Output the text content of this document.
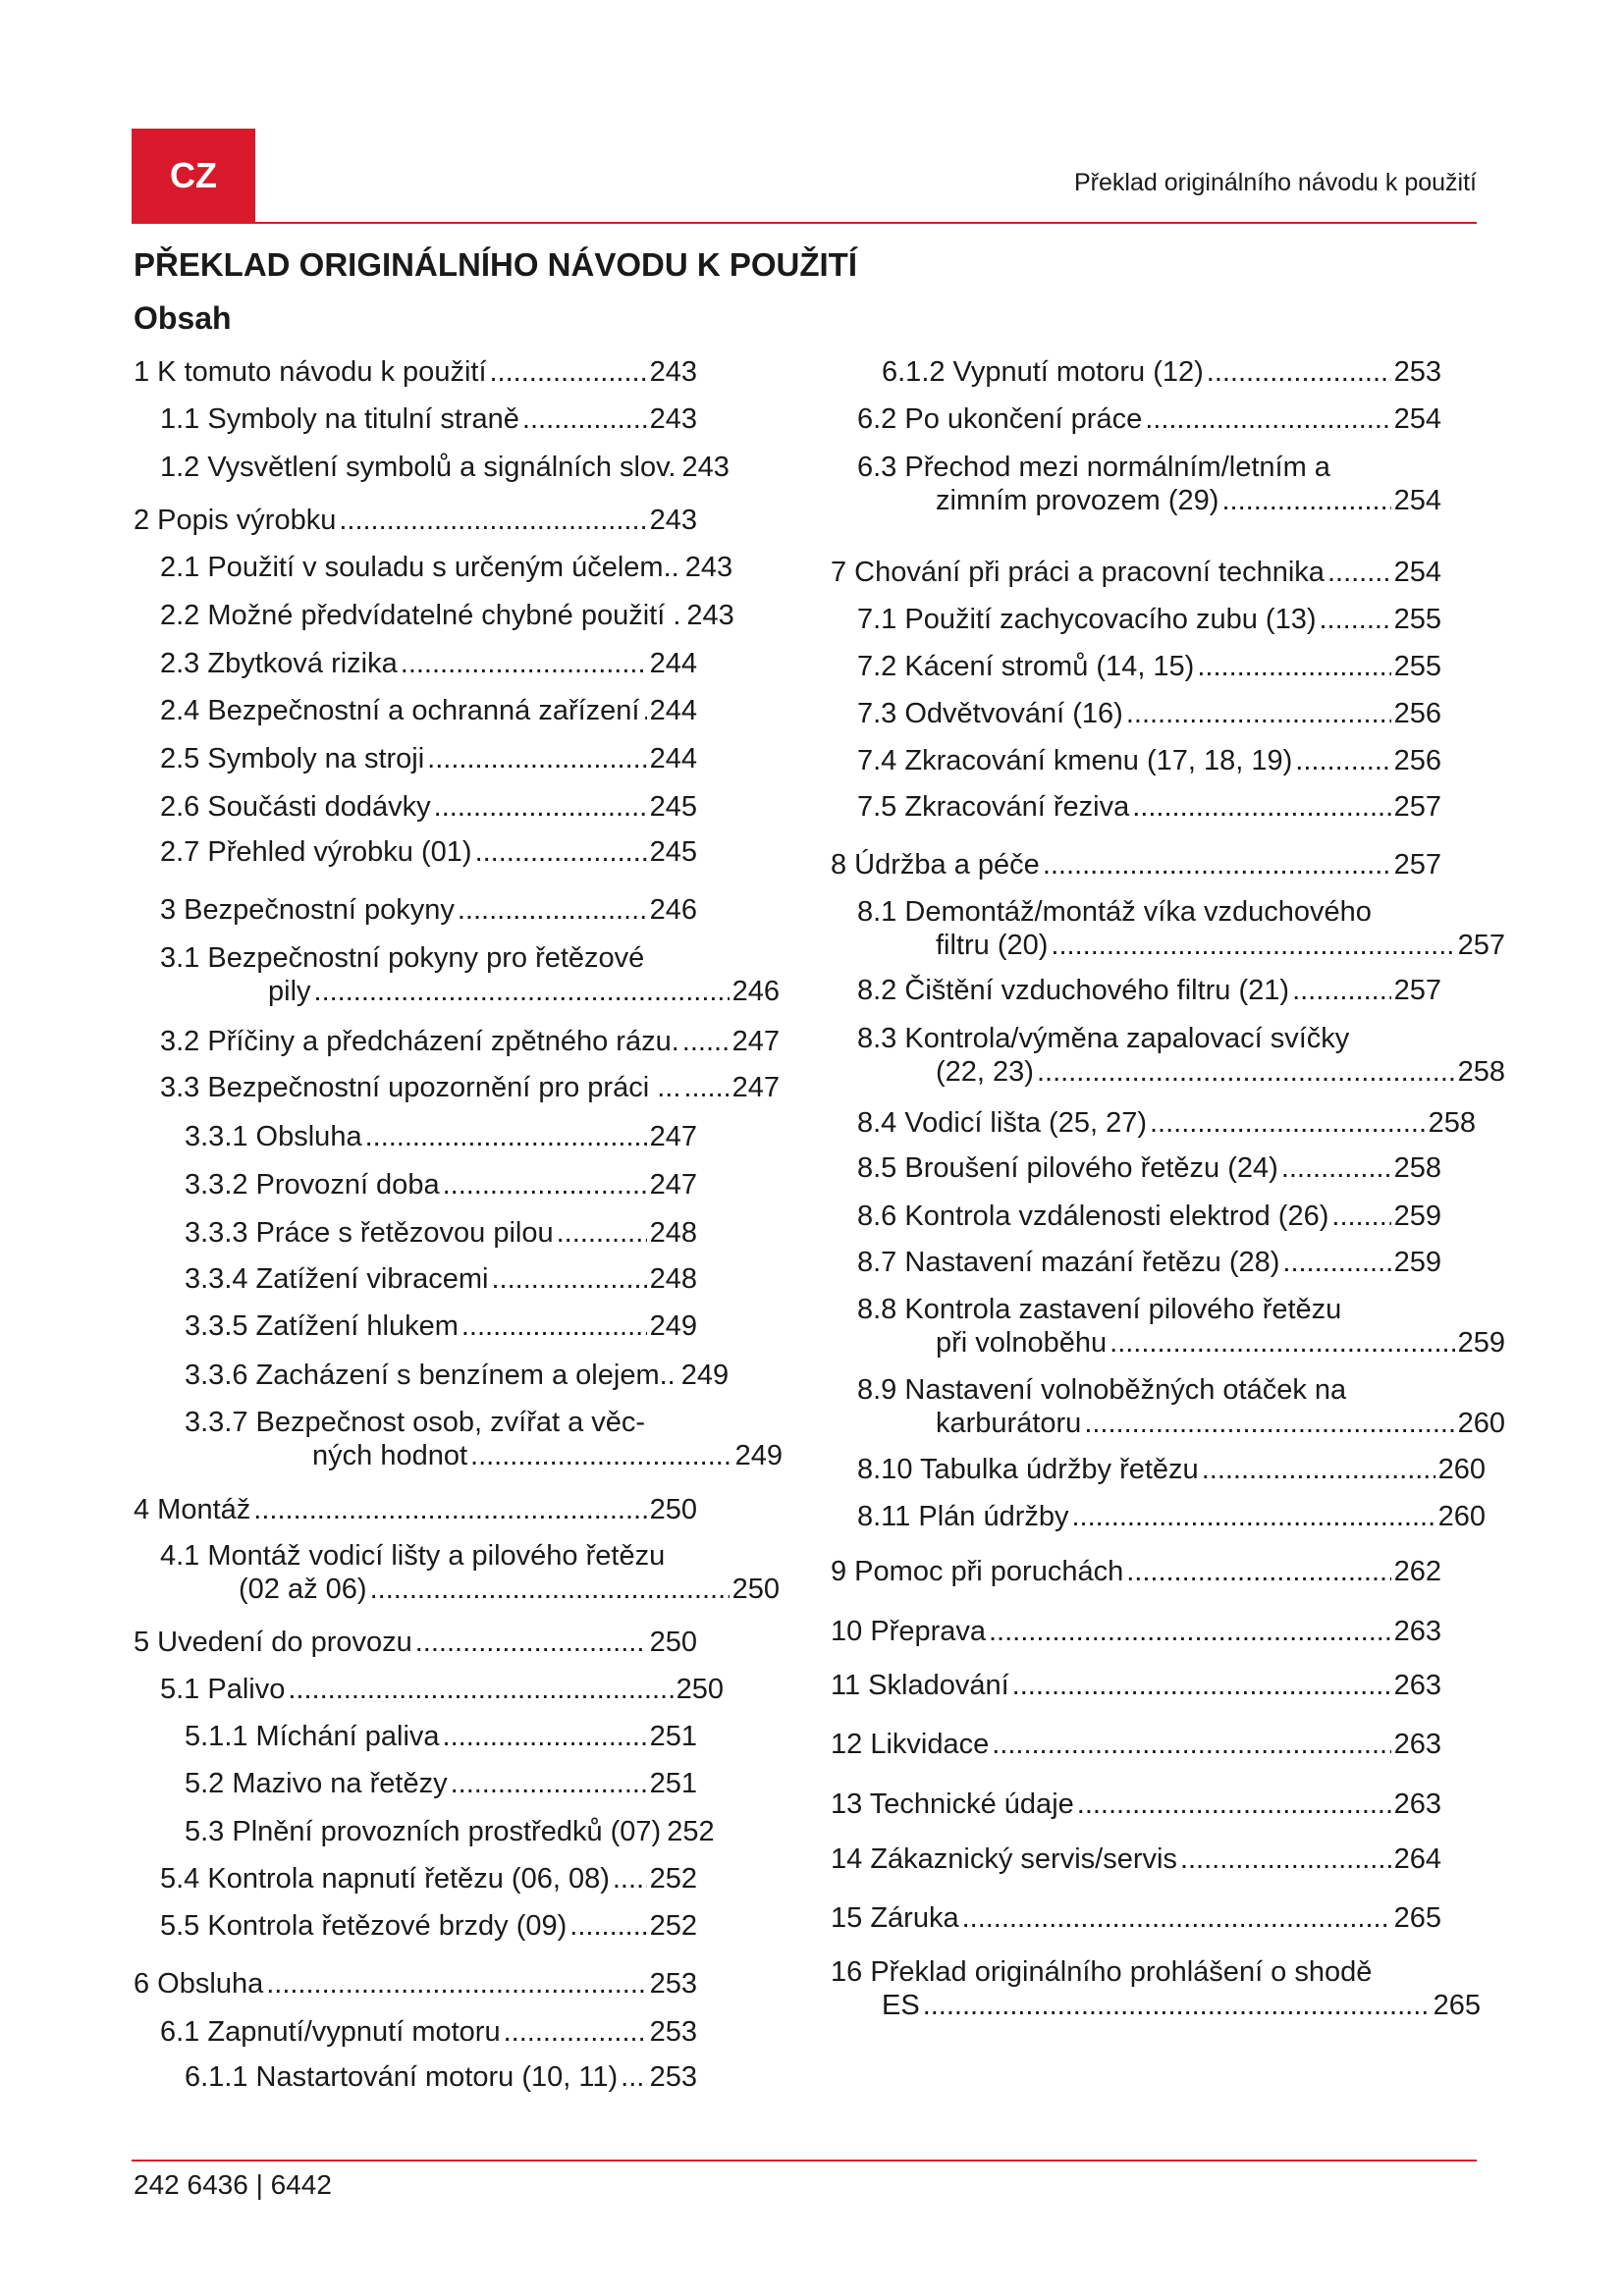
CZ	Překlad originálního návodu k použití
PŘEKLAD ORIGINÁLNÍHO NÁVODU K POUŽITÍ
Obsah
1 K tomuto návodu k použití .....	243
1.1 Symboly na titulní straně .....	243
1.2 Vysvětlení symbolů a signálních slov. 243
2 Popis výrobku .....	243
2.1 Použití v souladu s určeným účelem.. 243
2.2 Možné předvídatelné chybné použití . 243
2.3 Zbytková rizika .....	244
2.4 Bezpečnostní a ochranná zařízení ..... 244
2.5 Symboly na stroji .....	244
2.6 Součásti dodávky .....	245
2.7 Přehled výrobku (01) .....	245
3 Bezpečnostní pokyny .....	246
3.1 Bezpečnostní pokyny pro řetězové
pily .....	246
3.2 Příčiny a předcházení zpětného rázu. ..... 247
3.3 Bezpečnostní upozornění pro práci ... ..... 247
3.3.1 Obsluha .....	247
3.3.2 Provozní doba .....	247
3.3.3 Práce s řetězovou pilou .....	248
3.3.4 Zatížení vibracemi .....	248
3.3.5 Zatížení hlukem .....	249
3.3.6 Zacházení s benzínem a olejem.. 249
3.3.7 Bezpečnost osob, zvířat a věc-
ných hodnot .....	249
4 Montáž .....	250
4.1 Montáž vodicí lišty a pilového řetězu
(02 až 06) .....	250
5 Uvedení do provozu .....	250
5.1 Palivo .....	250
5.1.1 Míchání paliva .....	251
5.2 Mazivo na řetězy .....	251
5.3 Plnění provozních prostředků (07) 252
5.4 Kontrola napnutí řetězu (06, 08) ..... 252
5.5 Kontrola řetězové brzdy (09) .....	252
6 Obsluha .....	253
6.1 Zapnutí/vypnutí motoru .....	253
6.1.1 Nastartování motoru (10, 11) ..... 253
6.1.2 Vypnutí motoru (12) .....	253
6.2 Po ukončení práce .....	254
6.3 Přechod mezi normálním/letním a
zimním provozem (29) .....	254
7 Chování při práci a pracovní technika ..... 254
7.1 Použití zachycovacího zubu (13) .....	255
7.2 Kácení stromů (14, 15) .....	255
7.3 Odvětvování (16) .....	256
7.4 Zkracování kmenu (17, 18, 19) .....	256
7.5 Zkracování řeziva .....	257
8 Údržba a péče .....	257
8.1 Demontáž/montáž víka vzduchového
filtru (20) .....	257
8.2 Čištění vzduchového filtru (21) .....	257
8.3 Kontrola/výměna zapalovací svíčky
(22, 23) .....	258
8.4 Vodicí lišta (25, 27) .....	258
8.5 Broušení pilového řetězu (24) .....	258
8.6 Kontrola vzdálenosti elektrod (26) ..... 259
8.7 Nastavení mazání řetězu (28) .....	259
8.8 Kontrola zastavení pilového řetězu
při volnoběhu .....	259
8.9 Nastavení volnoběžných otáček na
karburátoru .....	260
8.10 Tabulka údržby řetězu .....	260
8.11 Plán údržby .....	260
9 Pomoc při poruchách .....	262
10 Přeprava .....	263
11 Skladování .....	263
12 Likvidace .....	263
13 Technické údaje .....	263
14 Zákaznický servis/servis .....	264
15 Záruka .....	265
16 Překlad originálního prohlášení o shodě
ES .....	265
242 6436 | 6442
